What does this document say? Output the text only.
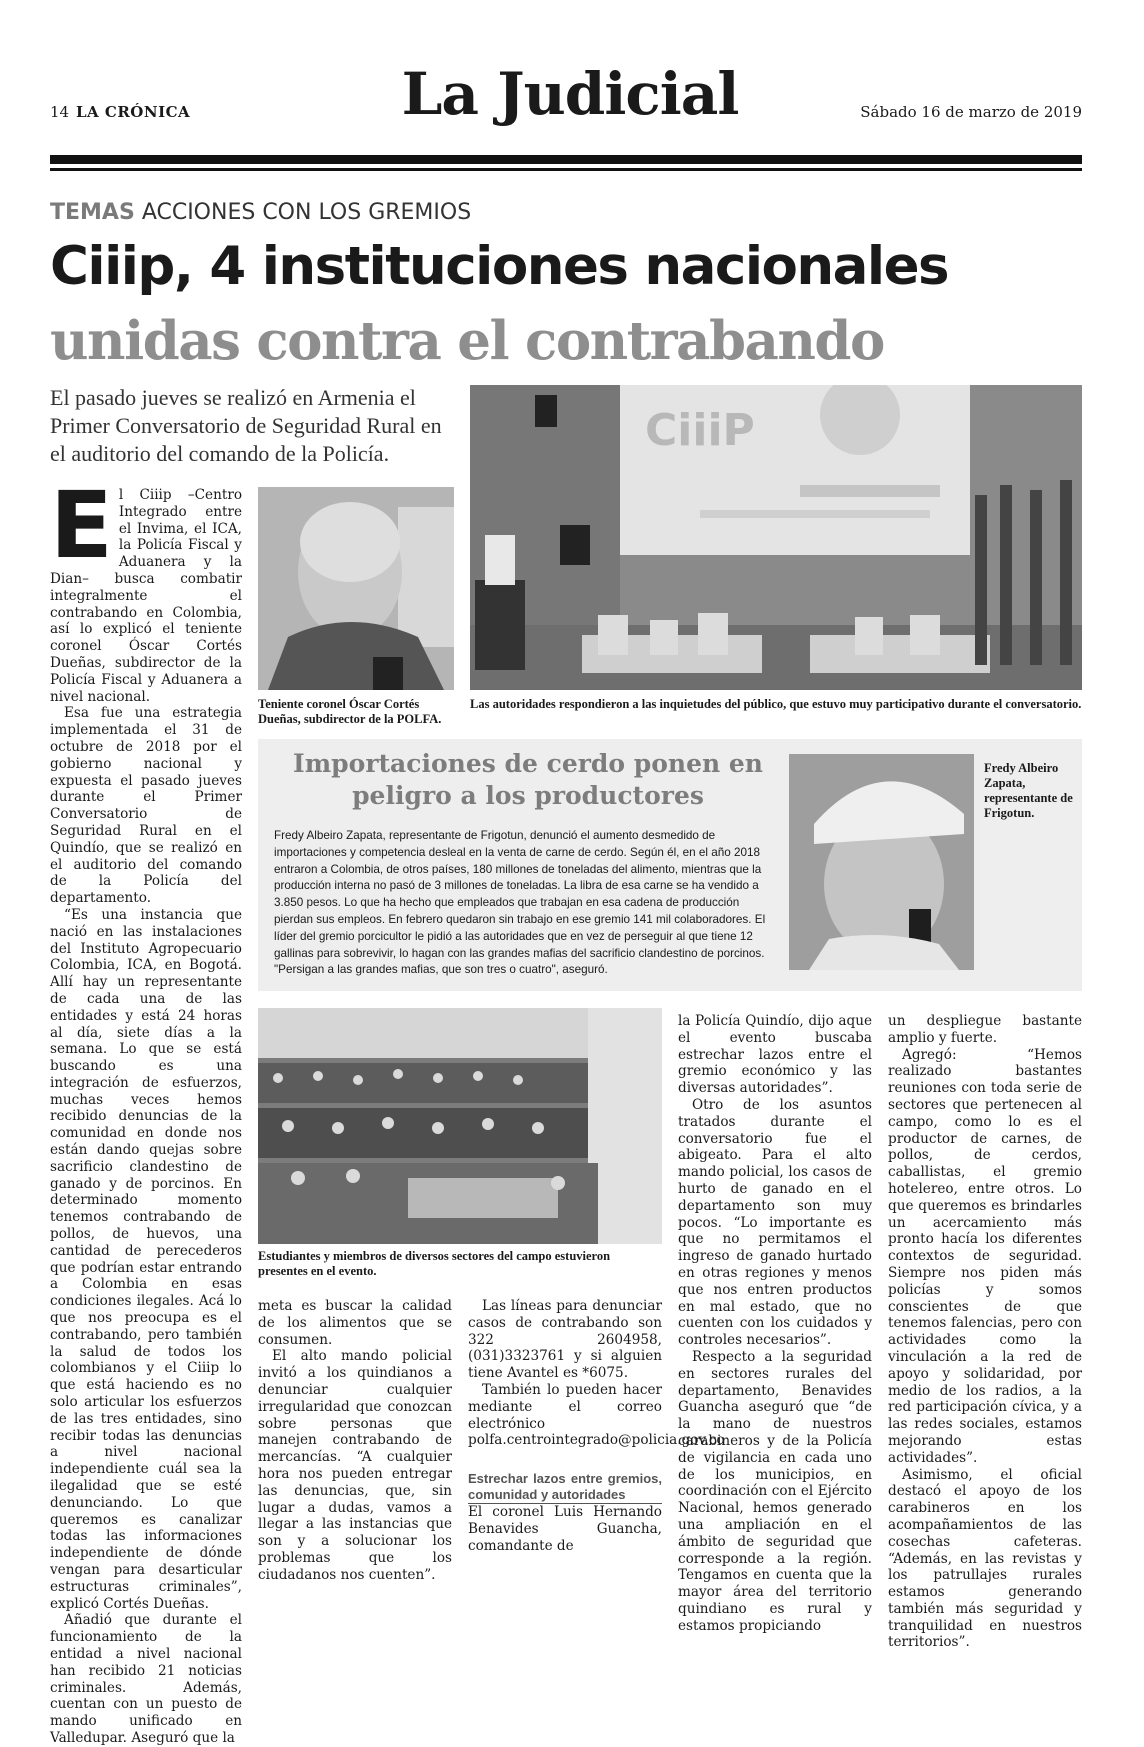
14 LA CRÓNICA	La Judicial	Sábado 16 de marzo de 2019
TEMAS ACCIONES CON LOS GREMIOS
Ciiip, 4 instituciones nacionales
unidas contra el contrabando
El pasado jueves se realizó en Armenia el Primer Conversatorio de Seguridad Rural en el auditorio del comando de la Policía.	CiiiP
Teniente coronel Óscar Cortés Dueñas, subdirector de la POLFA.
Las autoridades respondieron a las inquietudes del público, que estuvo muy participativo durante el conversatorio.
E l Ciiip –Centro Integrado entre el Invima, el ICA, la Policía Fiscal y Aduanera y la Dian– busca combatir integralmente el contrabando en Colombia, así lo explicó el teniente coronel Óscar Cortés Dueñas, subdirector de la Policía Fiscal y Aduanera a nivel nacional.

Esa fue una estrategia implementada el 31 de octubre de 2018 por el gobierno nacional y expuesta el pasado jueves durante el Primer Conversatorio de Seguridad Rural en el Quindío, que se realizó en el auditorio del comando de la Policía del departamento.

“Es una instancia que nació en las instalaciones del Instituto Agropecuario Colombia, ICA, en Bogotá. Allí hay un representante de cada una de las entidades y está 24 horas al día, siete días a la semana. Lo que se está buscando es una integración de esfuerzos, muchas veces hemos recibido denuncias de la comunidad en donde nos están dando quejas sobre sacrificio clandestino de ganado y de porcinos. En determinado momento tenemos contrabando de pollos, de huevos, una cantidad de perecederos que podrían estar entrando a Colombia en esas condiciones ilegales. Acá lo que nos preocupa es el contrabando, pero también la salud de todos los colombianos y el Ciiip lo que está haciendo es no solo articular los esfuerzos de las tres entidades, sino recibir todas las denuncias a nivel nacional independiente cuál sea la ilegalidad que se esté denunciando. Lo que queremos es canalizar todas las informaciones independiente de dónde vengan para desarticular estructuras criminales”, explicó Cortés Dueñas.

Añadió que durante el funcionamiento de la entidad a nivel nacional han recibido 21 noticias criminales. Además, cuentan con un puesto de mando unificado en Valledupar. Aseguró que la

Importaciones de cerdo ponen en peligro a los productores
Fredy Albeiro Zapata, representante de Frigotun, denunció el aumento desmedido de importaciones y competencia desleal en la venta de carne de cerdo. Según él, en el año 2018 entraron a Colombia, de otros países, 180 millones de toneladas del alimento, mientras que la producción interna no pasó de 3 millones de toneladas. La libra de esa carne se ha vendido a 3.850 pesos. Lo que ha hecho que empleados que trabajan en esa cadena de producción pierdan sus empleos. En febrero quedaron sin trabajo en ese gremio 141 mil colaboradores. El líder del gremio porcicultor le pidió a las autoridades que en vez de perseguir al que tiene 12 gallinas para sobrevivir, lo hagan con las grandes mafias del sacrificio clandestino de porcinos. "Persigan a las grandes mafias, que son tres o cuatro", aseguró.
Fredy Albeiro Zapata, representante de Frigotun.
Estudiantes y miembros de diversos sectores del campo estuvieron presentes en el evento.

meta es buscar la calidad de los alimentos que se consumen.

El alto mando policial invitó a los quindianos a denunciar cualquier irregularidad que conozcan sobre personas que manejen contrabando de mercancías. “A cualquier hora nos pueden entregar las denuncias, que, sin lugar a dudas, vamos a llegar a las instancias que son y a solucionar los problemas que los ciudadanos nos cuenten”.

Las líneas para denunciar casos de contrabando son 322 2604958, (031)3323761 y si alguien tiene Avantel es *6075.

También lo pueden hacer mediante el correo electrónico polfa.centrointegrado@policia.gov.co

Estrechar lazos entre gremios, comunidad y autoridades

El coronel Luis Hernando Benavides Guancha, comandante de

la Policía Quindío, dijo aque el evento buscaba estrechar lazos entre el gremio económico y las diversas autoridades”.

Otro de los asuntos tratados durante el conversatorio fue el abigeato. Para el alto mando policial, los casos de hurto de ganado en el departamento son muy pocos. “Lo importante es que no permitamos el ingreso de ganado hurtado en otras regiones y menos que nos entren productos en mal estado, que no cuenten con los cuidados y controles necesarios”.

Respecto a la seguridad en sectores rurales del departamento, Benavides Guancha aseguró que “de la mano de nuestros carabineros y de la Policía de vigilancia en cada uno de los municipios, en coordinación con el Ejército Nacional, hemos generado una ampliación en el ámbito de seguridad que corresponde a la región. Tengamos en cuenta que la mayor área del territorio quindiano es rural y estamos propiciando

un despliegue bastante amplio y fuerte.

Agregó: “Hemos realizado bastantes reuniones con toda serie de sectores que pertenecen al campo, como lo es el productor de carnes, de pollos, de cerdos, caballistas, el gremio hotelereo, entre otros. Lo que queremos es brindarles un acercamiento más pronto hacía los diferentes contextos de seguridad. Siempre nos piden más policías y somos conscientes de que tenemos falencias, pero con actividades como la vinculación a la red de apoyo y solidaridad, por medio de los radios, a la red participación cívica, y a las redes sociales, estamos mejorando estas actividades”.

Asimismo, el oficial destacó el apoyo de los carabineros en los acompañamientos de las cosechas cafeteras. “Además, en las revistas y los patrullajes rurales estamos generando también más seguridad y tranquilidad en nuestros territorios”.
